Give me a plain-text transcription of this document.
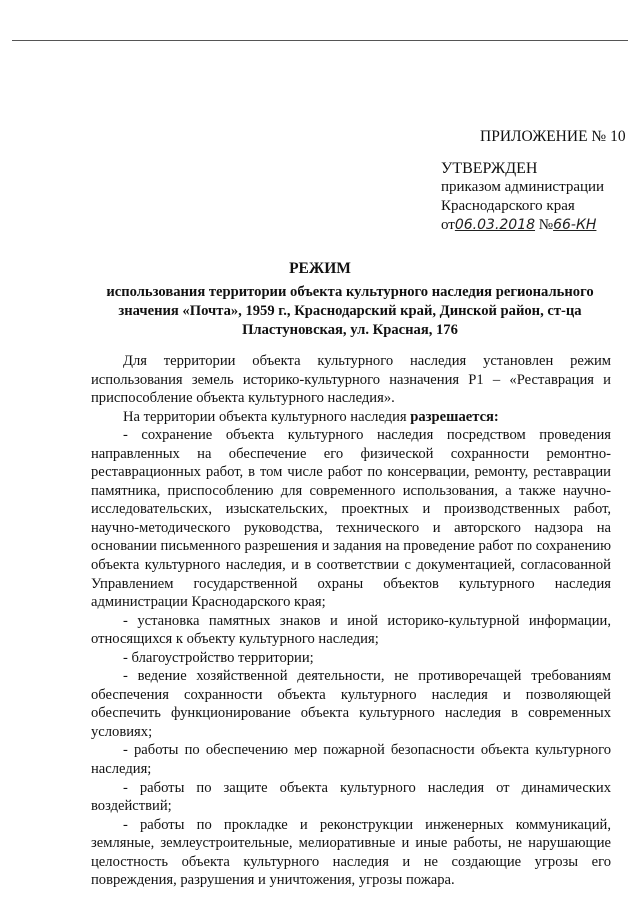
ПРИЛОЖЕНИЕ № 10
УТВЕРЖДЕН
приказом администрации
Краснодарского края
от06.03.2018 №66-КН
РЕЖИМ
использования территории объекта культурного наследия регионального значения «Почта», 1959 г., Краснодарский край, Динской район, ст-ца Пластуновская, ул. Красная, 176

Для территории объекта культурного наследия установлен режим использования земель историко-культурного назначения Р1 – «Реставрация и приспособление объекта культурного наследия».

На территории объекта культурного наследия разрешается:

- сохранение объекта культурного наследия посредством проведения направленных на обеспечение его физической сохранности ремонтно-реставрационных работ, в том числе работ по консервации, ремонту, реставрации памятника, приспособлению для современного использования, а также научно-исследовательских, изыскательских, проектных и производственных работ, научно-методического руководства, технического и авторского надзора на основании письменного разрешения и задания на проведение работ по сохранению объекта культурного наследия, и в соответствии с документацией, согласованной Управлением государственной охраны объектов культурного наследия администрации Краснодарского края;

- установка памятных знаков и иной историко-культурной информации, относящихся к объекту культурного наследия;

- благоустройство территории;

- ведение хозяйственной деятельности, не противоречащей требованиям обеспечения сохранности объекта культурного наследия и позволяющей обеспечить функционирование объекта культурного наследия в современных условиях;

- работы по обеспечению мер пожарной безопасности объекта культурного наследия;

- работы по защите объекта культурного наследия от динамических воздействий;

- работы по прокладке и реконструкции инженерных коммуникаций, земляные, землеустроительные, мелиоративные и иные работы, не нарушающие целостность объекта культурного наследия и не создающие угрозы его повреждения, разрушения и уничтожения, угрозы пожара.
